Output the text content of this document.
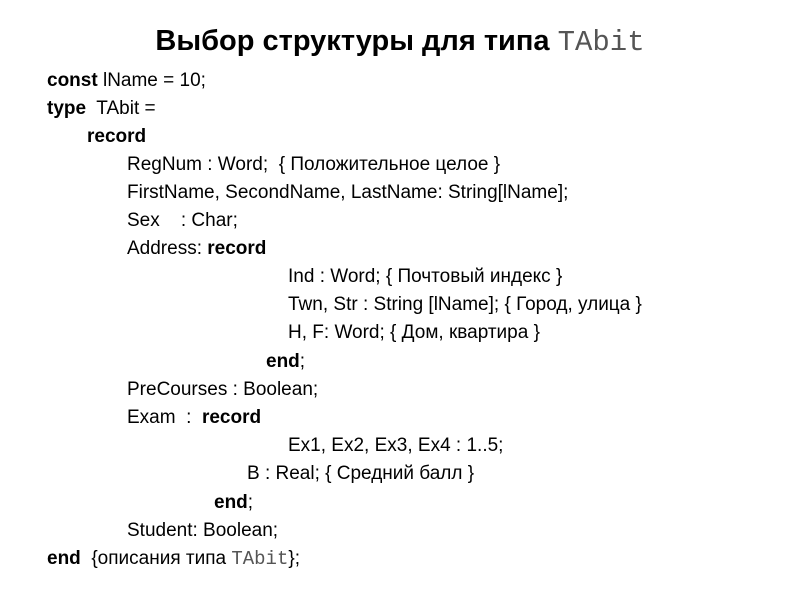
Выбор структуры для типа TAbit
const lName = 10;
type  TAbit =
record
RegNum : Word;  { Положительное целое }
FirstName, SecondName, LastName: String[lName];
Sex    : Char;
Address: record
Ind : Word; { Почтовый индекс }
Twn, Str : String [lName]; { Город, улица }
H, F: Word; { Дом, квартира }
end;
PreCourses : Boolean;
Exam  :  record
Ex1, Ex2, Ex3, Ex4 : 1..5;
B : Real; { Средний балл }
end;
Student: Boolean;
end  {описания типа TAbit};
